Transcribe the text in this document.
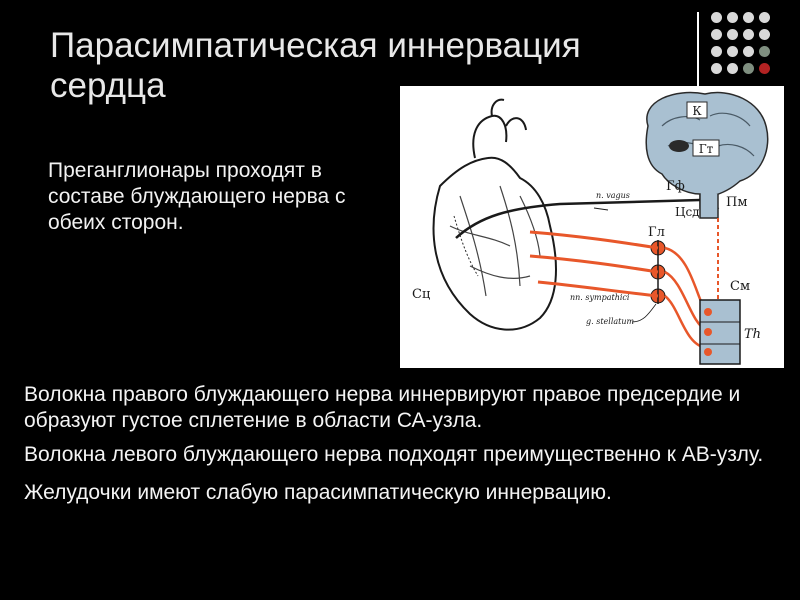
Парасимпатическая иннервация сердца
Преганглионары проходят в составе блуждающего нерва с обеих сторон.
К
Гт
Гф
Пм
Цсд
Сц
n. vagus
Гл
nn. sympathici
g. stellatum
См
Th

Волокна правого блуждающего нерва иннервируют правое предсердие и образуют густое сплетение в области СА-узла.

Волокна левого блуждающего нерва подходят преимущественно к АВ-узлу.

Желудочки имеют слабую парасимпатическую иннервацию.
